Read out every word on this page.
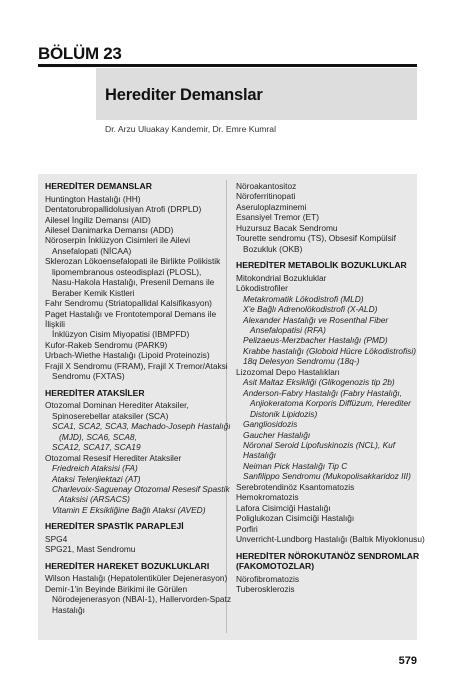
BÖLÜM 23
Herediter Demanslar
Dr. Arzu Uluakay Kandemir, Dr. Emre Kumral
HEREDİTER DEMANSLAR
Huntington Hastalığı (HH)
Dentatorubropallidolusiyan Atrofi (DRPLD)
Ailesel İngiliz Demansı (AID)
Ailesel Danimarka Demansı (ADD)
Nöroserpin İnklüzyon Cisimleri ile Ailevi
Ansefalopati (NİCAA)
Sklerozan Lökoensefalopati ile Birlikte Polikistik
lipomembranous osteodisplazi (PLOSL),
Nasu-Hakola Hastalığı, Presenil Demans ile
Beraber Kemik Kistleri
Fahr Sendromu (Striatopallidal Kalsifikasyon)
Paget Hastalığı ve Frontotemporal Demans ile İlişkili
İnklüzyon Cisim Miyopatisi (IBMPFD)
Kufor-Rakeb Sendromu (PARK9)
Urbach-Wiethe Hastalığı (Lipoid Proteinozis)
Frajil X Sendromu (FRAM), Frajil X Tremor/Ataksi
Sendromu (FXTAS)
HEREDİTER ATAKSİLER
Otozomal Dominan Herediter Ataksiler,
Spinoserebellar ataksiler (SCA)
SCA1, SCA2, SCA3, Machado-Joseph Hastalığı
(MJD), SCA6, SCA8,
SCA12, SCA17, SCA19
Otozomal Resesif Herediter Ataksiler
Friedreich Ataksisi (FA)
Ataksi Telenjiektazi (AT)
Charlevoix-Saguenay Otozomal Resesif Spastik
Ataksisi (ARSACS)
Vitamin E Eksikliğine Bağlı Ataksi (AVED)
HEREDİTER SPASTİK PARAPLEJİ
SPG4
SPG21, Mast Sendromu
HEREDİTER HAREKET BOZUKLUKLARI
Wilson Hastalığı (Hepatolentiküler Dejenerasyon)
Demir-1'in Beyinde Birikimi ile Görülen
Nörodejenerasyon (NBAI-1), Hallervorden-Spatz
Hastalığı
Nöroakantositoz
Nöroferritinopati
Aseruloplazminemi
Esansiyel Tremor (ET)
Huzursuz Bacak Sendromu
Tourette sendromu (TS), Obsesif Kompülsif
Bozukluk (OKB)
HEREDİTER METABOLİK BOZUKLUKLAR
Mitokondrial Bozukluklar
Lökodistrofiler
Metakromatik Lökodistrofi (MLD)
X'e Bağlı Adrenolökodistrofi (X-ALD)
Alexander Hastalığı ve Rosenthal Fiber
Ansefalopatisi (RFA)
Pelizaeus-Merzbacher Hastalığı (PMD)
Krabbe hastalığı (Globoid Hücre Lökodistrofisi)
18q Delesyon Sendromu (18q-)
Lizozomal Depo Hastalıkları
Asit Maltaz Eksikliği (Glikogenozis tip 2b)
Anderson-Fabry Hastalığı (Fabry Hastalığı,
Anjiokeratoma Korporis Diffüzum, Herediter
Distonik Lipidozis)
Gangliosidozis
Gaucher Hastalığı
Nöronal Seroid Lipofuskinozis (NCL), Kuf Hastalığı
Neiman Pick Hastalığı Tip C
Sanfilippo Sendromu (Mukopolisakkaridoz III)
Serebrotendinöz Ksantomatozis
Hemokromatozis
Lafora Cisimciği Hastalığı
Poliglukozan Cisimciği Hastalığı
Porfiri
Unverricht-Lundborg Hastalığı (Baltık Miyoklonusu)
HEREDİTER NÖROKUTANÖZ SENDROMLAR (FAKOMOTOZLAR)
Nörofibromatozis
Tuberosklerozis
579
